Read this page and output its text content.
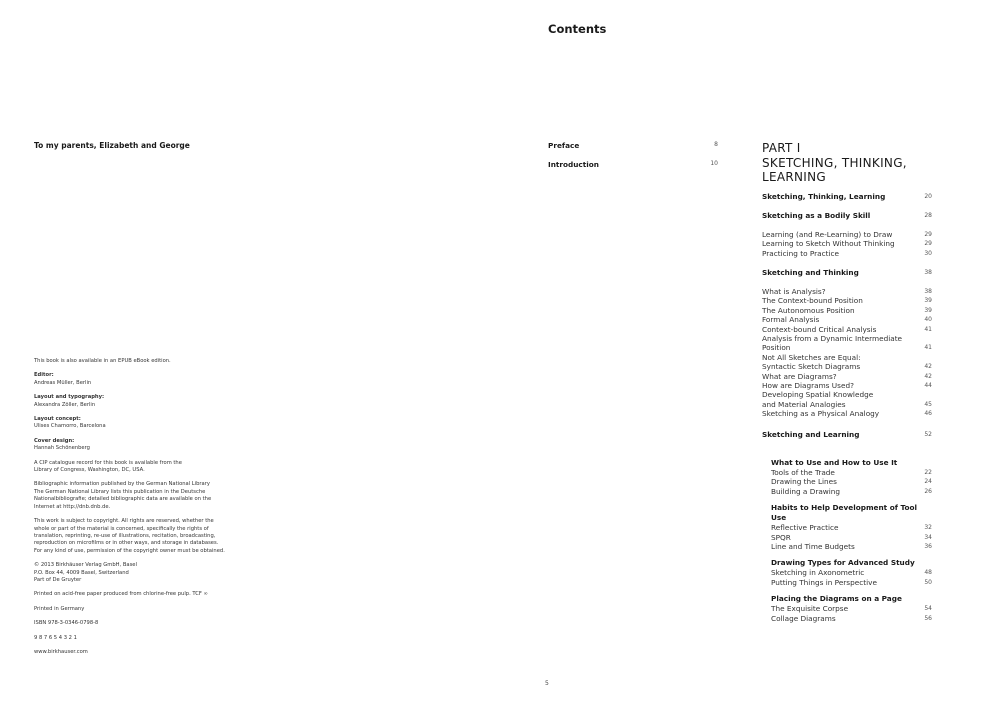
To my parents, Elizabeth and George

This book is also available in an EPUB eBook edition.

Editor:
Andreas Müller, Berlin

Layout and typography:
Alexandra Zöller, Berlin

Layout concept:
Ulises Chamorro, Barcelona

Cover design:
Hannah Schönenberg

A CIP catalogue record for this book is available from the
Library of Congress, Washington, DC, USA.

Bibliographic information published by the German National Library
The German National Library lists this publication in the Deutsche
Nationalbibliografie; detailed bibliographic data are available on the
Internet at http://dnb.dnb.de.

This work is subject to copyright. All rights are reserved, whether the
whole or part of the material is concerned, specifically the rights of
translation, reprinting, re-use of illustrations, recitation, broadcasting,
reproduction on microfilms or in other ways, and storage in databases.
For any kind of use, permission of the copyright owner must be obtained.

© 2013 Birkhäuser Verlag GmbH, Basel
P.O. Box 44, 4009 Basel, Switzerland
Part of De Gruyter

Printed on acid-free paper produced from chlorine-free pulp. TCF ∞

Printed in Germany

ISBN 978-3-0346-0798-8

9 8 7 6 5 4 3 2 1

www.birkhauser.com

Contents
Preface	8
Introduction	10
PART I
SKETCHING, THINKING,
LEARNING
Sketching, Thinking, Learning	20
Sketching as a Bodily Skill	28
Learning (and Re-Learning) to Draw	29
Learning to Sketch Without Thinking	29
Practicing to Practice	30
Sketching and Thinking	38
What is Analysis?	38
The Context-bound Position	39
The Autonomous Position	39
Formal Analysis	40
Context-bound Critical Analysis	41
Analysis from a Dynamic Intermediate
Position	41
Not All Sketches are Equal:
Syntactic Sketch Diagrams	42
What are Diagrams?	42
How are Diagrams Used?	44
Developing Spatial Knowledge
and Material Analogies	45
Sketching as a Physical Analogy	46
Sketching and Learning	52
What to Use and How to Use It
Tools of the Trade	22
Drawing the Lines	24
Building a Drawing	26
Habits to Help Development of Tool Use
Reflective Practice	32
SPQR	34
Line and Time Budgets	36
Drawing Types for Advanced Study
Sketching in Axonometric	48
Putting Things in Perspective	50
Placing the Diagrams on a Page
The Exquisite Corpse	54
Collage Diagrams	56
5
